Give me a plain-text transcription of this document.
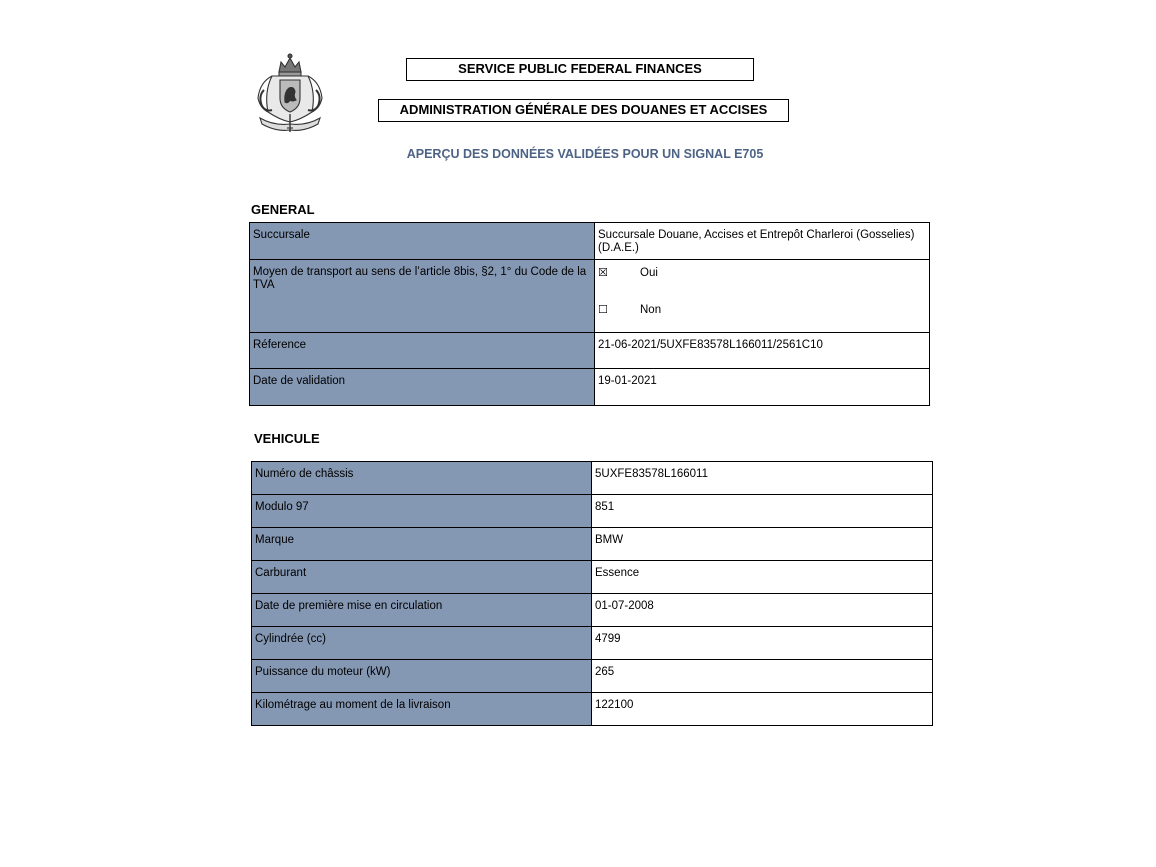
SERVICE PUBLIC FEDERAL FINANCES
ADMINISTRATION GÉNÉRALE DES DOUANES ET ACCISES
APERÇU DES DONNÉES VALIDÉES POUR UN SIGNAL E705
GENERAL
Succursale	Succursale Douane, Accises et Entrepôt Charleroi (Gosselies) (D.A.E.)
Moyen de transport au sens de l’article 8bis, §2, 1° du Code de la TVA	☒ Oui
☐ Non

Réference	21-06-2021/5UXFE83578L166011/2561C10
Date de validation	19-01-2021
VEHICULE
Numéro de châssis	5UXFE83578L166011
Modulo 97	851
Marque	BMW
Carburant	Essence
Date de première mise en circulation	01-07-2008
Cylindrée (cc)	4799
Puissance du moteur (kW)	265
Kilométrage au moment de la livraison	122100
